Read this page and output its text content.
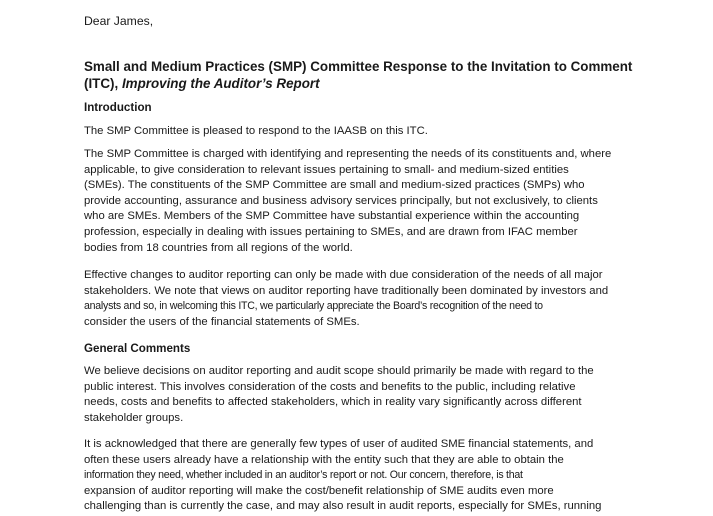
Dear James,
Small and Medium Practices (SMP) Committee Response to the Invitation to Comment (ITC), Improving the Auditor’s Report
Introduction

The SMP Committee is pleased to respond to the IAASB on this ITC.

The SMP Committee is charged with identifying and representing the needs of its constituents and, where
applicable, to give consideration to relevant issues pertaining to small- and medium-sized entities
(SMEs). The constituents of the SMP Committee are small and medium-sized practices (SMPs) who
provide accounting, assurance and business advisory services principally, but not exclusively, to clients
who are SMEs. Members of the SMP Committee have substantial experience within the accounting
profession, especially in dealing with issues pertaining to SMEs, and are drawn from IFAC member
bodies from 18 countries from all regions of the world.

Effective changes to auditor reporting can only be made with due consideration of the needs of all major
stakeholders. We note that views on auditor reporting have traditionally been dominated by investors and
analysts and so, in welcoming this ITC, we particularly appreciate the Board’s recognition of the need to
consider the users of the financial statements of SMEs.

General Comments

We believe decisions on auditor reporting and audit scope should primarily be made with regard to the
public interest. This involves consideration of the costs and benefits to the public, including relative
needs, costs and benefits to affected stakeholders, which in reality vary significantly across different
stakeholder groups.

It is acknowledged that there are generally few types of user of audited SME financial statements, and
often these users already have a relationship with the entity such that they are able to obtain the
information they need, whether included in an auditor’s report or not. Our concern, therefore, is that
expansion of auditor reporting will make the cost/benefit relationship of SME audits even more
challenging than is currently the case, and may also result in audit reports, especially for SMEs, running
